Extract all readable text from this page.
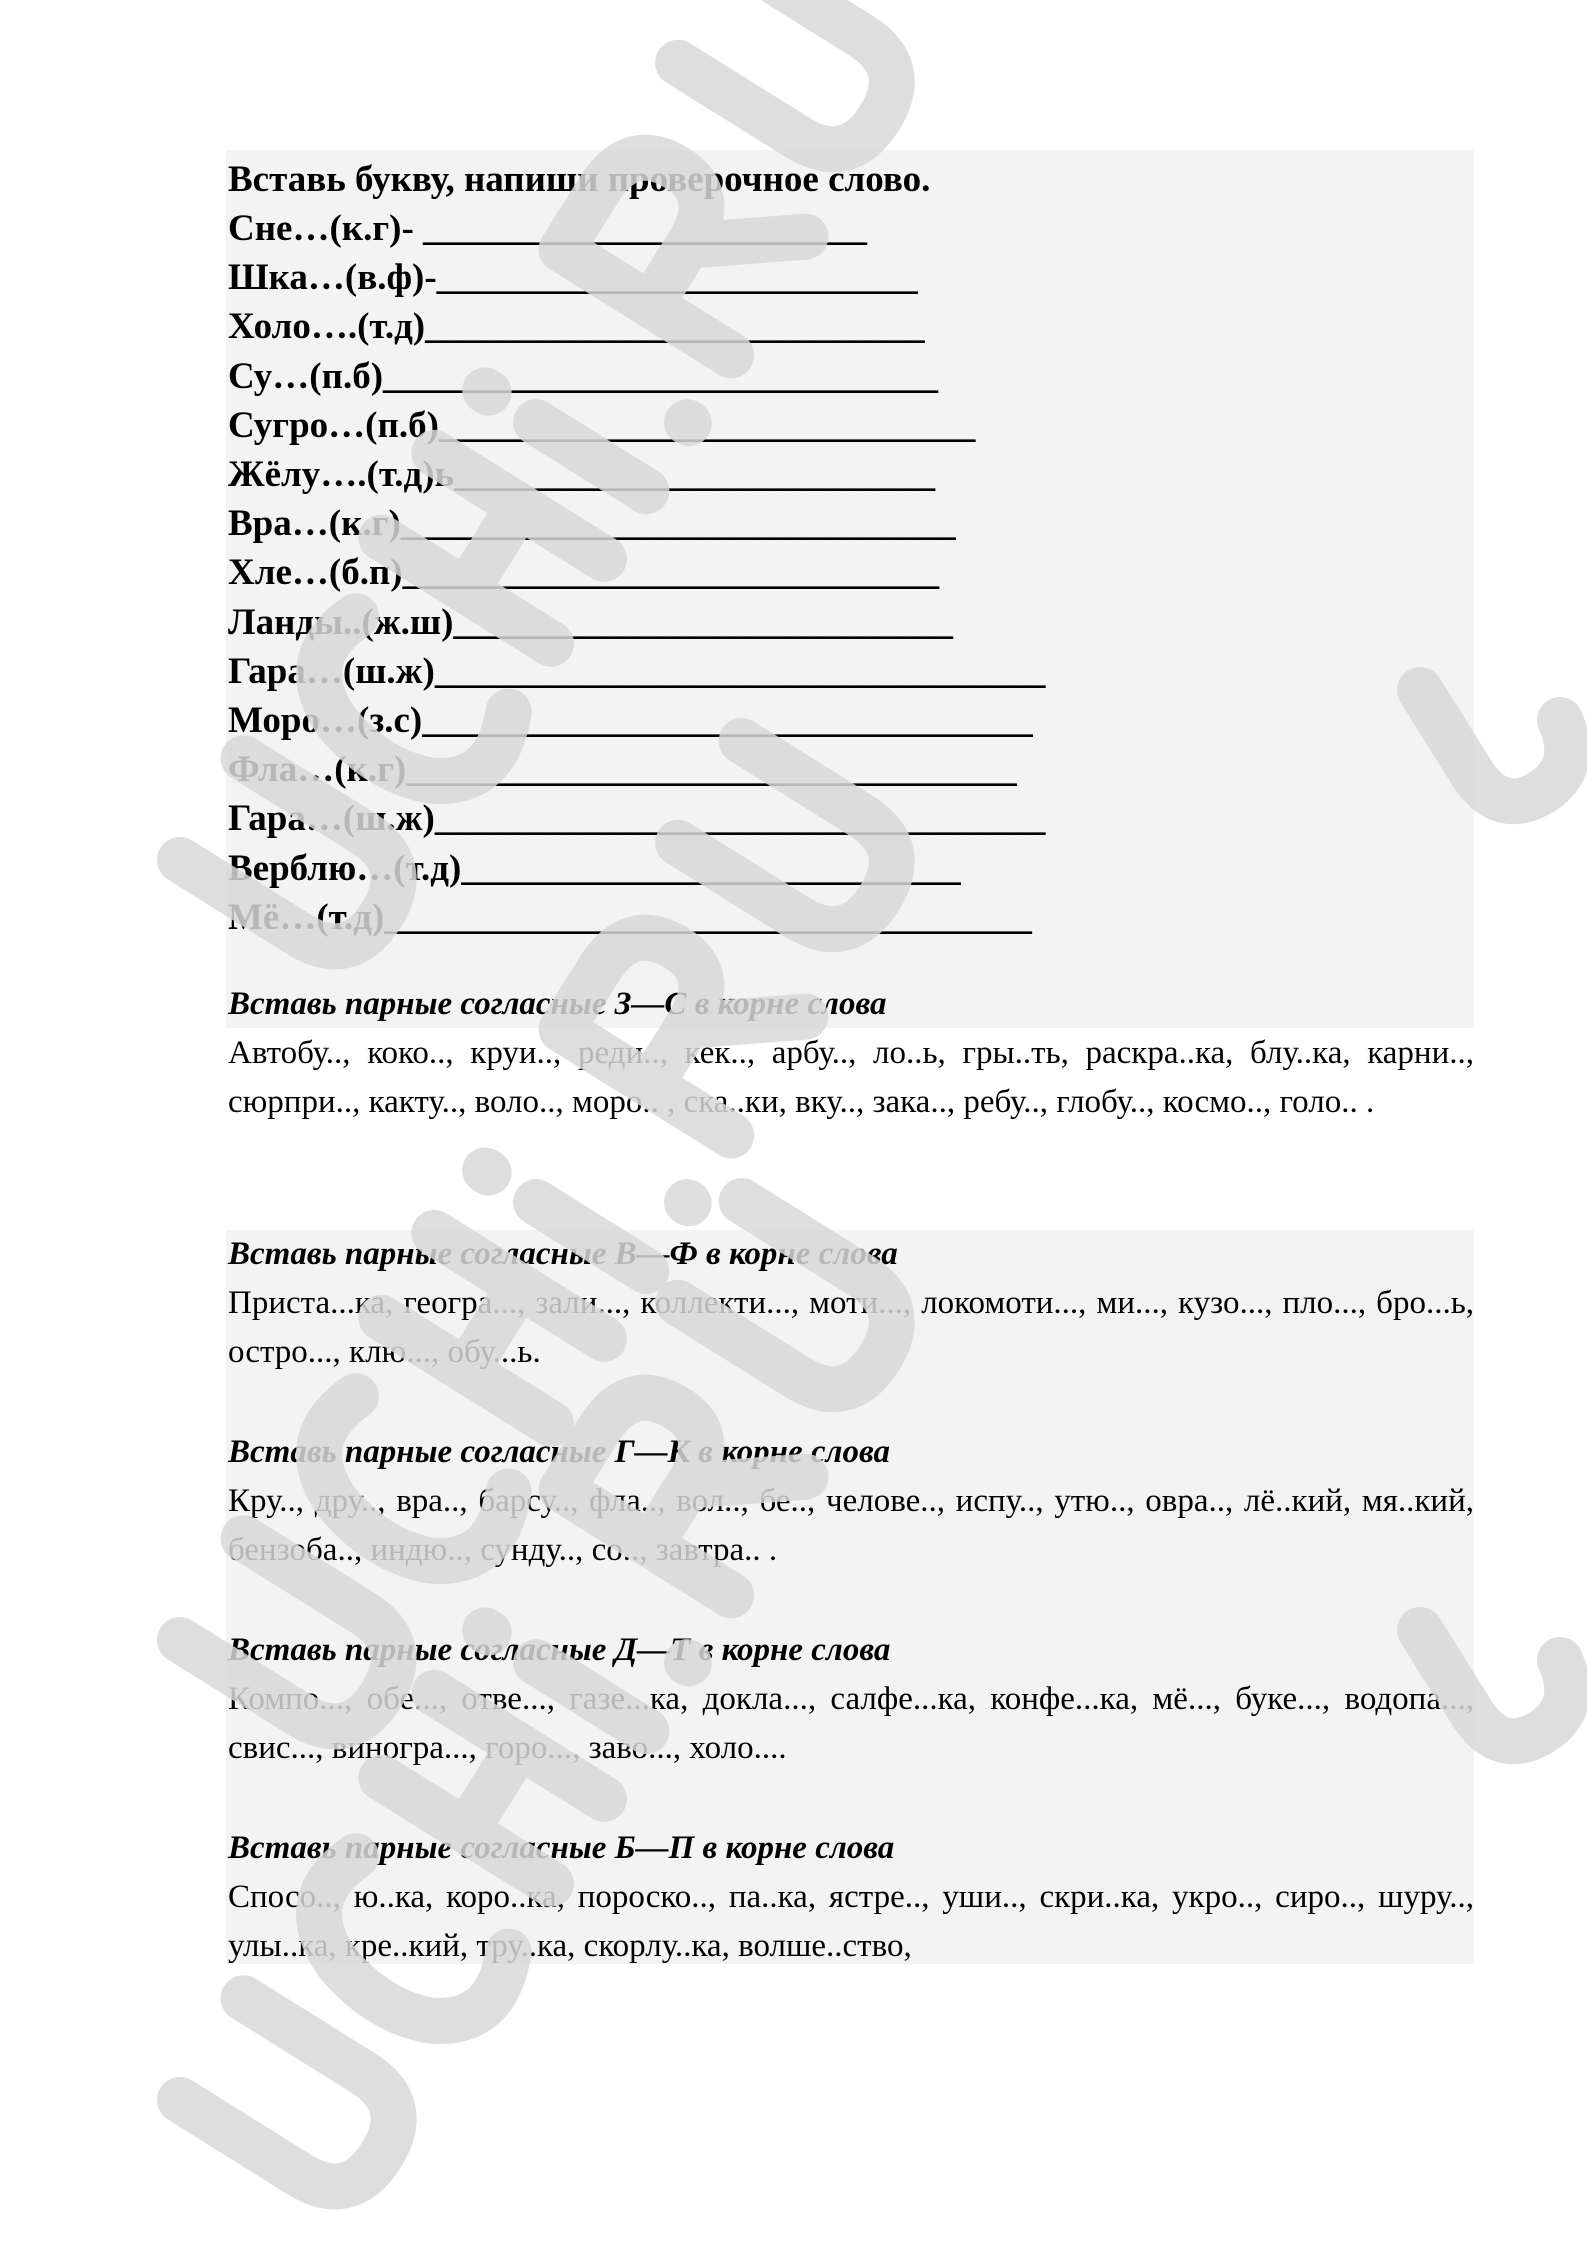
Вставь букву, напиши проверочное слово.
Сне…(к.г)- ________________________
Шка…(в.ф)-__________________________
Холо….(т.д)___________________________
Су…(п.б)______________________________
Сугро…(п.б)_____________________________
Жёлу….(т.д)ь__________________________
Вра…(к.г)______________________________
Хле…(б.п)_____________________________
Ланды..(ж.ш)___________________________
Гара…(ш.ж)_________________________________
Моро…(з.с)_________________________________
Фла…(к.г)_________________________________
Гара…(ш.ж)_________________________________
Верблю…(т.д)___________________________
Мё…(т.д)___________________________________
Вставь парные согласные З—С в корне слова
Автобу.., коко.., круи.., реди.., кек.., арбу.., ло..ь, гры..ть, раскра..ка, блу..ка, карни.., сюрпри.., какту.., воло.., моро.. , ска..ки, вку.., зака.., ребу.., глобу.., космо.., голо.. .
Вставь парные согласные В—Ф в корне слова
Приста...ка, геогра..., зали..., коллекти..., моти..., локомоти..., ми..., кузо..., пло..., бро...ь, остро..., клю..., обу...ь.
Вставь парные согласные Г—К в корне слова
Кру.., дру.., вра.., барсу.., фла.., вол.., бе.., челове.., испу.., утю.., овра.., лё..кий, мя..кий, бензоба.., индю.., сунду.., со.., завтра.. .
Вставь парные согласные Д—Т в корне слова
Компо..., обе..., отве..., газе...ка, докла..., салфе...ка, конфе...ка, мё..., буке..., водопа..., свис..., виногра..., горо..., заво..., холо....
Вставь парные согласные Б—П в корне слова
Спосо.., ю..ка, коро..ка, пороско.., па..ка, ястре.., уши.., скри..ка, укро.., сиро.., шуру.., улы..ка, кре..кий, тру..ка, скорлу..ка, волше..ство,
